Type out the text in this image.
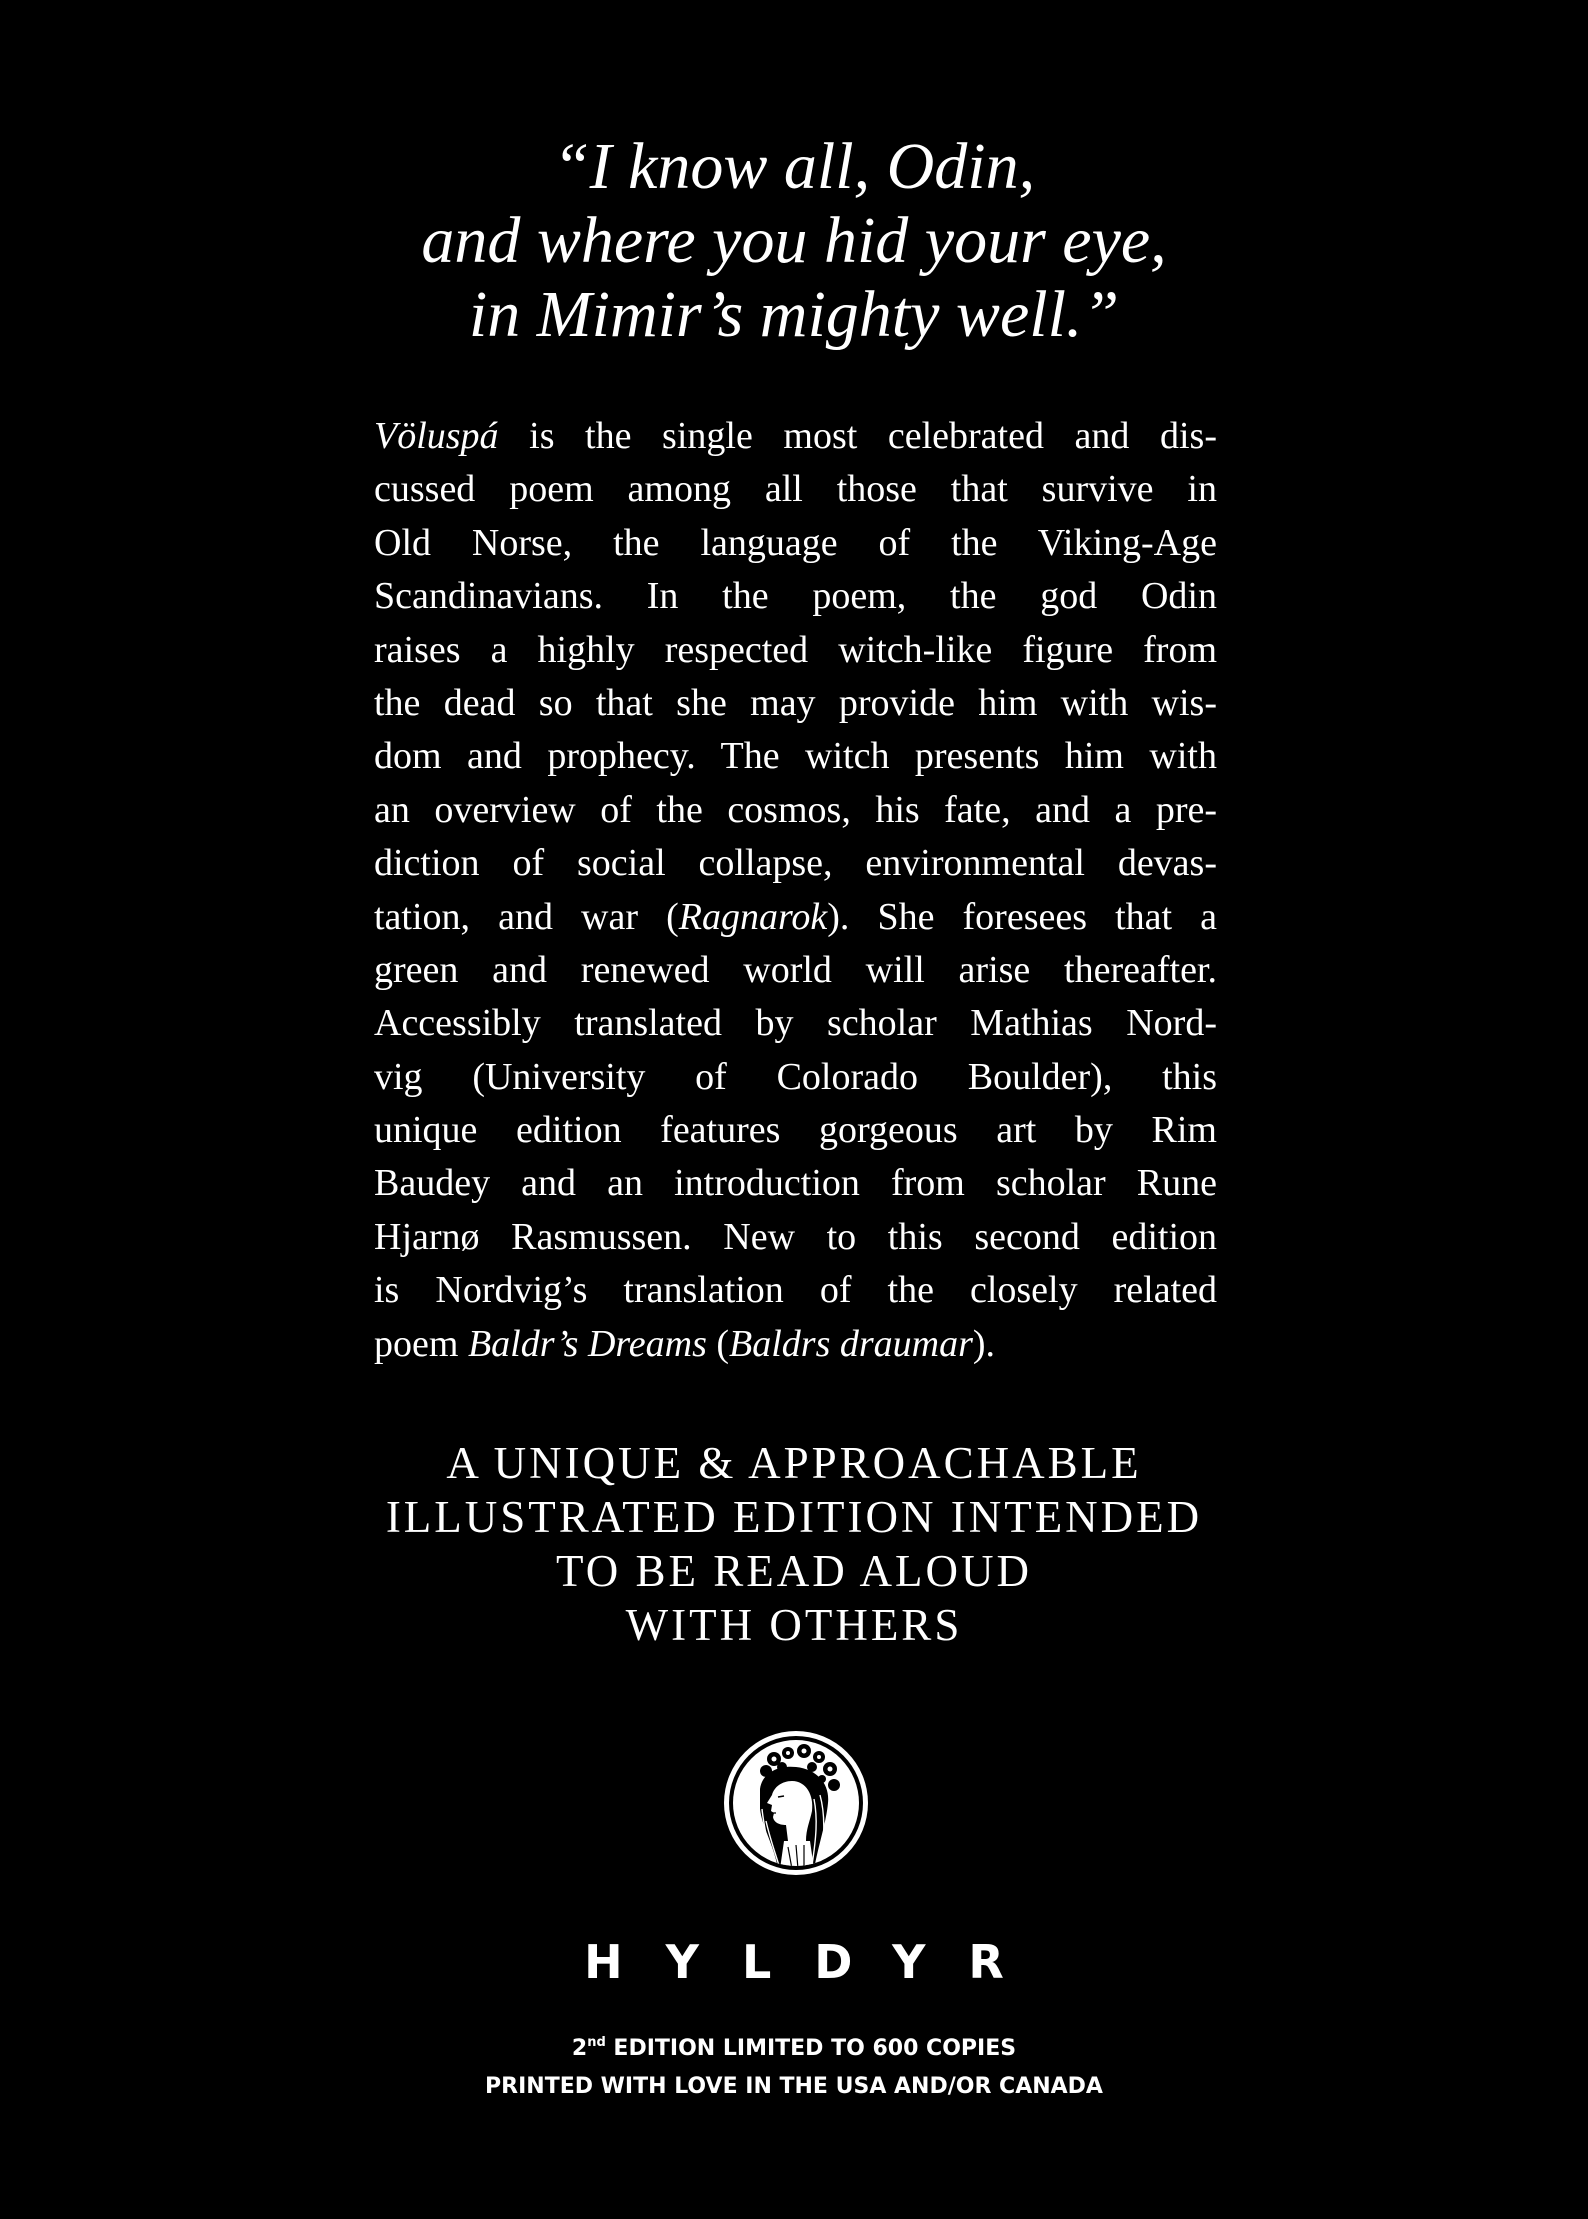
“I know all, Odin,
and where you hid your eye,
in Mimir’s mighty well.”
Völuspá is the single most celebrated and dis-
cussed poem among all those that survive in
Old Norse, the language of the Viking-Age
Scandinavians. In the poem, the god Odin
raises a highly respected witch-like figure from
the dead so that she may provide him with wis-
dom and prophecy. The witch presents him with
an overview of the cosmos, his fate, and a pre-
diction of social collapse, environmental devas-
tation, and war (Ragnarok). She foresees that a
green and renewed world will arise thereafter.
Accessibly translated by scholar Mathias Nord-
vig (University of Colorado Boulder), this
unique edition features gorgeous art by Rim
Baudey and an introduction from scholar Rune
Hjarnø Rasmussen. New to this second edition
is Nordvig’s translation of the closely related
poem Baldr’s Dreams (Baldrs draumar).
A UNIQUE & APPROACHABLE
ILLUSTRATED EDITION INTENDED
TO BE READ ALOUD
WITH OTHERS
HYLDYR
2nd EDITION LIMITED TO 600 COPIES
PRINTED WITH LOVE IN THE USA AND/OR CANADA
